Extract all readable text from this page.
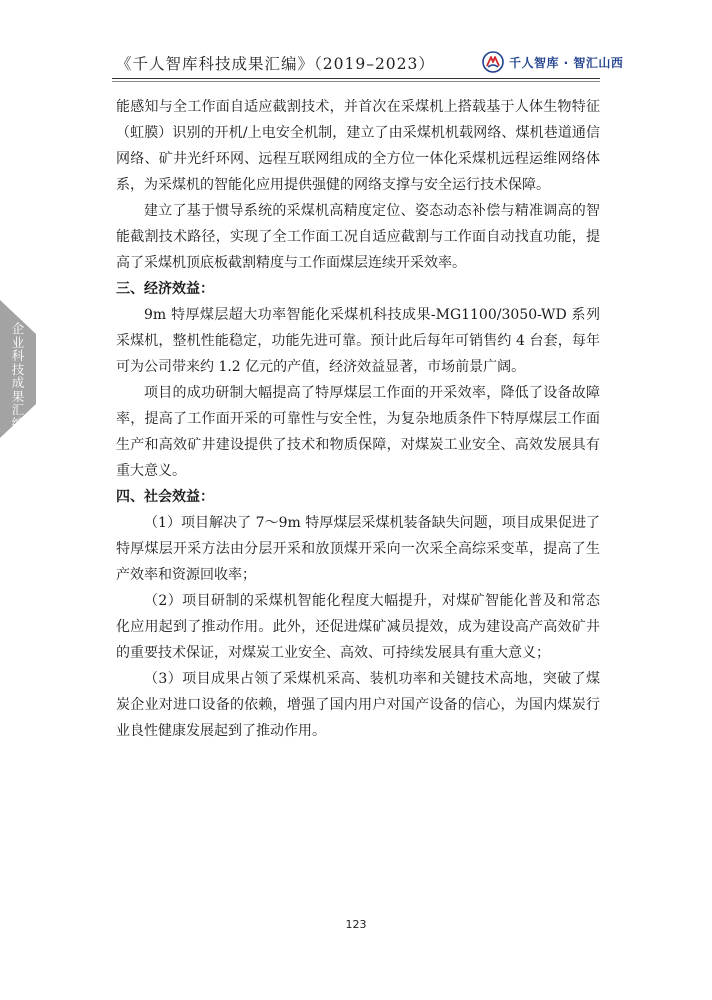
《千人智库科技成果汇编》（2019–2023）	千人智库 · 智汇山西
企业科技成果汇编

能感知与全工作面自适应截割技术，并首次在采煤机上搭载基于人体生物特征（虹膜）识别的开机/上电安全机制，建立了由采煤机机载网络、煤机巷道通信网络、矿井光纤环网、远程互联网组成的全方位一体化采煤机远程运维网络体系，为采煤机的智能化应用提供强健的网络支撑与安全运行技术保障。

建立了基于惯导系统的采煤机高精度定位、姿态动态补偿与精准调高的智能截割技术路径，实现了全工作面工况自适应截割与工作面自动找直功能，提高了采煤机顶底板截割精度与工作面煤层连续开采效率。

三、经济效益：

9m 特厚煤层超大功率智能化采煤机科技成果-MG1100/3050-WD 系列采煤机，整机性能稳定，功能先进可靠。预计此后每年可销售约 4 台套，每年可为公司带来约 1.2 亿元的产值，经济效益显著，市场前景广阔。

项目的成功研制大幅提高了特厚煤层工作面的开采效率，降低了设备故障率，提高了工作面开采的可靠性与安全性，为复杂地质条件下特厚煤层工作面生产和高效矿井建设提供了技术和物质保障，对煤炭工业安全、高效发展具有重大意义。

四、社会效益：

（1）项目解决了 7～9m 特厚煤层采煤机装备缺失问题，项目成果促进了特厚煤层开采方法由分层开采和放顶煤开采向一次采全高综采变革，提高了生产效率和资源回收率；

（2）项目研制的采煤机智能化程度大幅提升，对煤矿智能化普及和常态化应用起到了推动作用。此外，还促进煤矿减员提效，成为建设高产高效矿井的重要技术保证，对煤炭工业安全、高效、可持续发展具有重大意义；

（3）项目成果占领了采煤机采高、装机功率和关键技术高地，突破了煤炭企业对进口设备的依赖，增强了国内用户对国产设备的信心，为国内煤炭行业良性健康发展起到了推动作用。

123
